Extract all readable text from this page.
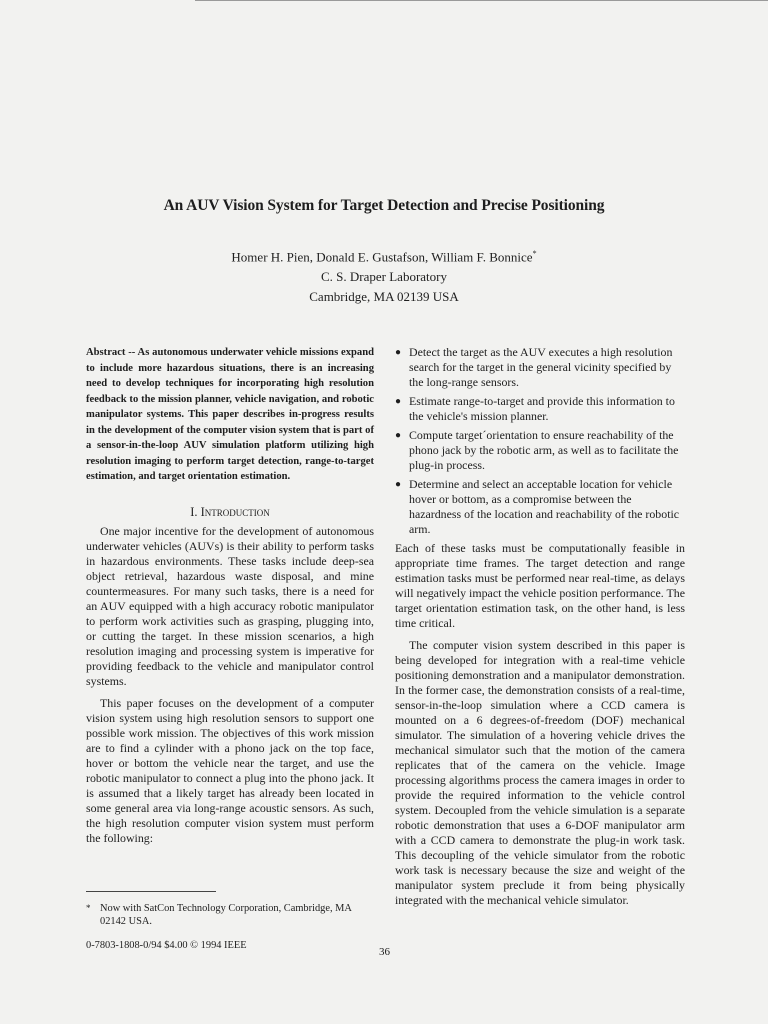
An AUV Vision System for Target Detection and Precise Positioning
Homer H. Pien, Donald E. Gustafson, William F. Bonnice*
C. S. Draper Laboratory
Cambridge, MA 02139 USA
Abstract -- As autonomous underwater vehicle missions expand to include more hazardous situations, there is an increasing need to develop techniques for incorporating high resolution feedback to the mission planner, vehicle navigation, and robotic manipulator systems. This paper describes in-progress results in the development of the computer vision system that is part of a sensor-in-the-loop AUV simulation platform utilizing high resolution imaging to perform target detection, range-to-target estimation, and target orientation estimation.
I. Introduction

One major incentive for the development of autonomous underwater vehicles (AUVs) is their ability to perform tasks in hazardous environments. These tasks include deep-sea object retrieval, hazardous waste disposal, and mine countermeasures. For many such tasks, there is a need for an AUV equipped with a high accuracy robotic manipulator to perform work activities such as grasping, plugging into, or cutting the target. In these mission scenarios, a high resolution imaging and processing system is imperative for providing feedback to the vehicle and manipulator control systems.

This paper focuses on the development of a computer vision system using high resolution sensors to support one possible work mission. The objectives of this work mission are to find a cylinder with a phono jack on the top face, hover or bottom the vehicle near the target, and use the robotic manipulator to connect a plug into the phono jack. It is assumed that a likely target has already been located in some general area via long-range acoustic sensors. As such, the high resolution computer vision system must perform the following:

● Detect the target as the AUV executes a high resolution search for the target in the general vicinity specified by the long-range sensors.
● Estimate range-to-target and provide this information to the vehicle's mission planner.
● Compute target´orientation to ensure reachability of the phono jack by the robotic arm, as well as to facilitate the plug-in process.
● Determine and select an acceptable location for vehicle hover or bottom, as a compromise between the hazardness of the location and reachability of the robotic arm.

Each of these tasks must be computationally feasible in appropriate time frames. The target detection and range estimation tasks must be performed near real-time, as delays will negatively impact the vehicle position performance. The target orientation estimation task, on the other hand, is less time critical.

The computer vision system described in this paper is being developed for integration with a real-time vehicle positioning demonstration and a manipulator demonstration. In the former case, the demonstration consists of a real-time, sensor-in-the-loop simulation where a CCD camera is mounted on a 6 degrees-of-freedom (DOF) mechanical simulator. The simulation of a hovering vehicle drives the mechanical simulator such that the motion of the camera replicates that of the camera on the vehicle. Image processing algorithms process the camera images in order to provide the required information to the vehicle control system. Decoupled from the vehicle simulation is a separate robotic demonstration that uses a 6-DOF manipulator arm with a CCD camera to demonstrate the plug-in work task. This decoupling of the vehicle simulator from the robotic work task is necessary because the size and weight of the manipulator system preclude it from being physically integrated with the mechanical vehicle simulator.

* Now with SatCon Technology Corporation, Cambridge, MA 02142 USA.
0-7803-1808-0/94 $4.00 © 1994 IEEE
36
